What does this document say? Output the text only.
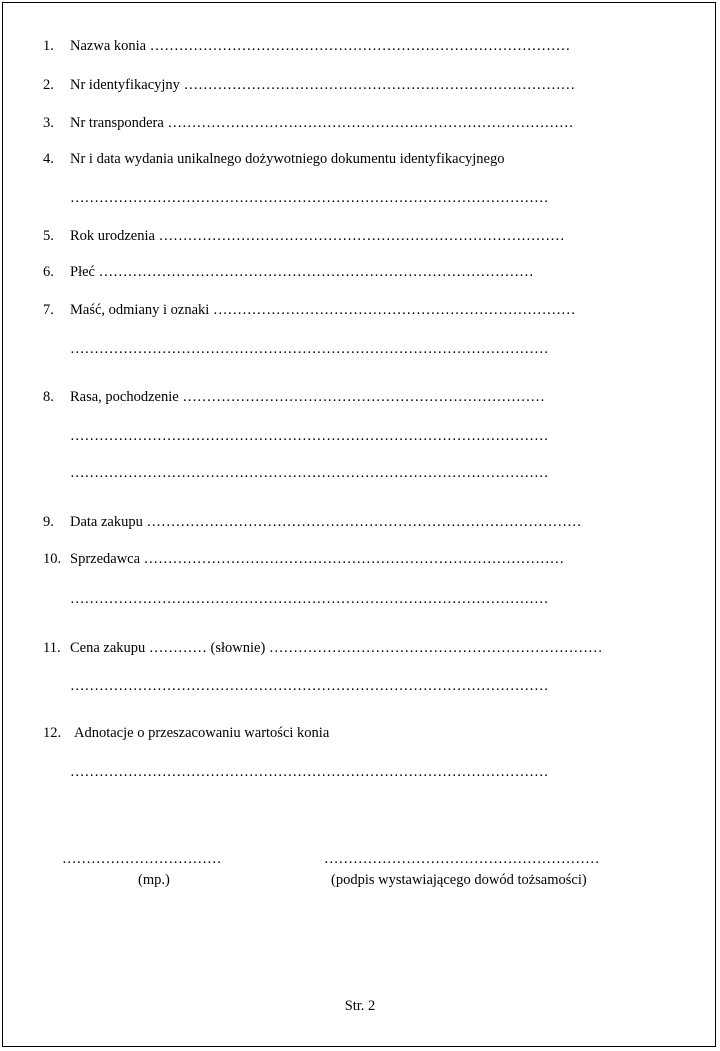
1. Nazwa konia ……………………………………………………………………………
2. Nr identyfikacyjny ………………………………………………………………………
3. Nr transpondera …………………………………………………………………………
4. Nr i data wydania unikalnego dożywotniego dokumentu identyfikacyjnego
………………………………………………………………………………………
5. Rok urodzenia …………………………………………………………………………
6. Płeć ………………………………………………………………………………
7. Maść, odmiany i oznaki …………………………………………………………………
………………………………………………………………………………………
8. Rasa, pochodzenie …………………………………………………………………
………………………………………………………………………………………
………………………………………………………………………………………
9. Data zakupu ………………………………………………………………………………
10. Sprzedawca ……………………………………………………………………………
………………………………………………………………………………………
11. Cena zakupu ………… (słownie) ……………………………………………………………
………………………………………………………………………………………
12. Adnotacje o przeszacowaniu wartości konia
………………………………………………………………………………………
……………………………
(mp.)
…………………………………………………
(podpis wystawiającego dowód tożsamości)
Str. 2
